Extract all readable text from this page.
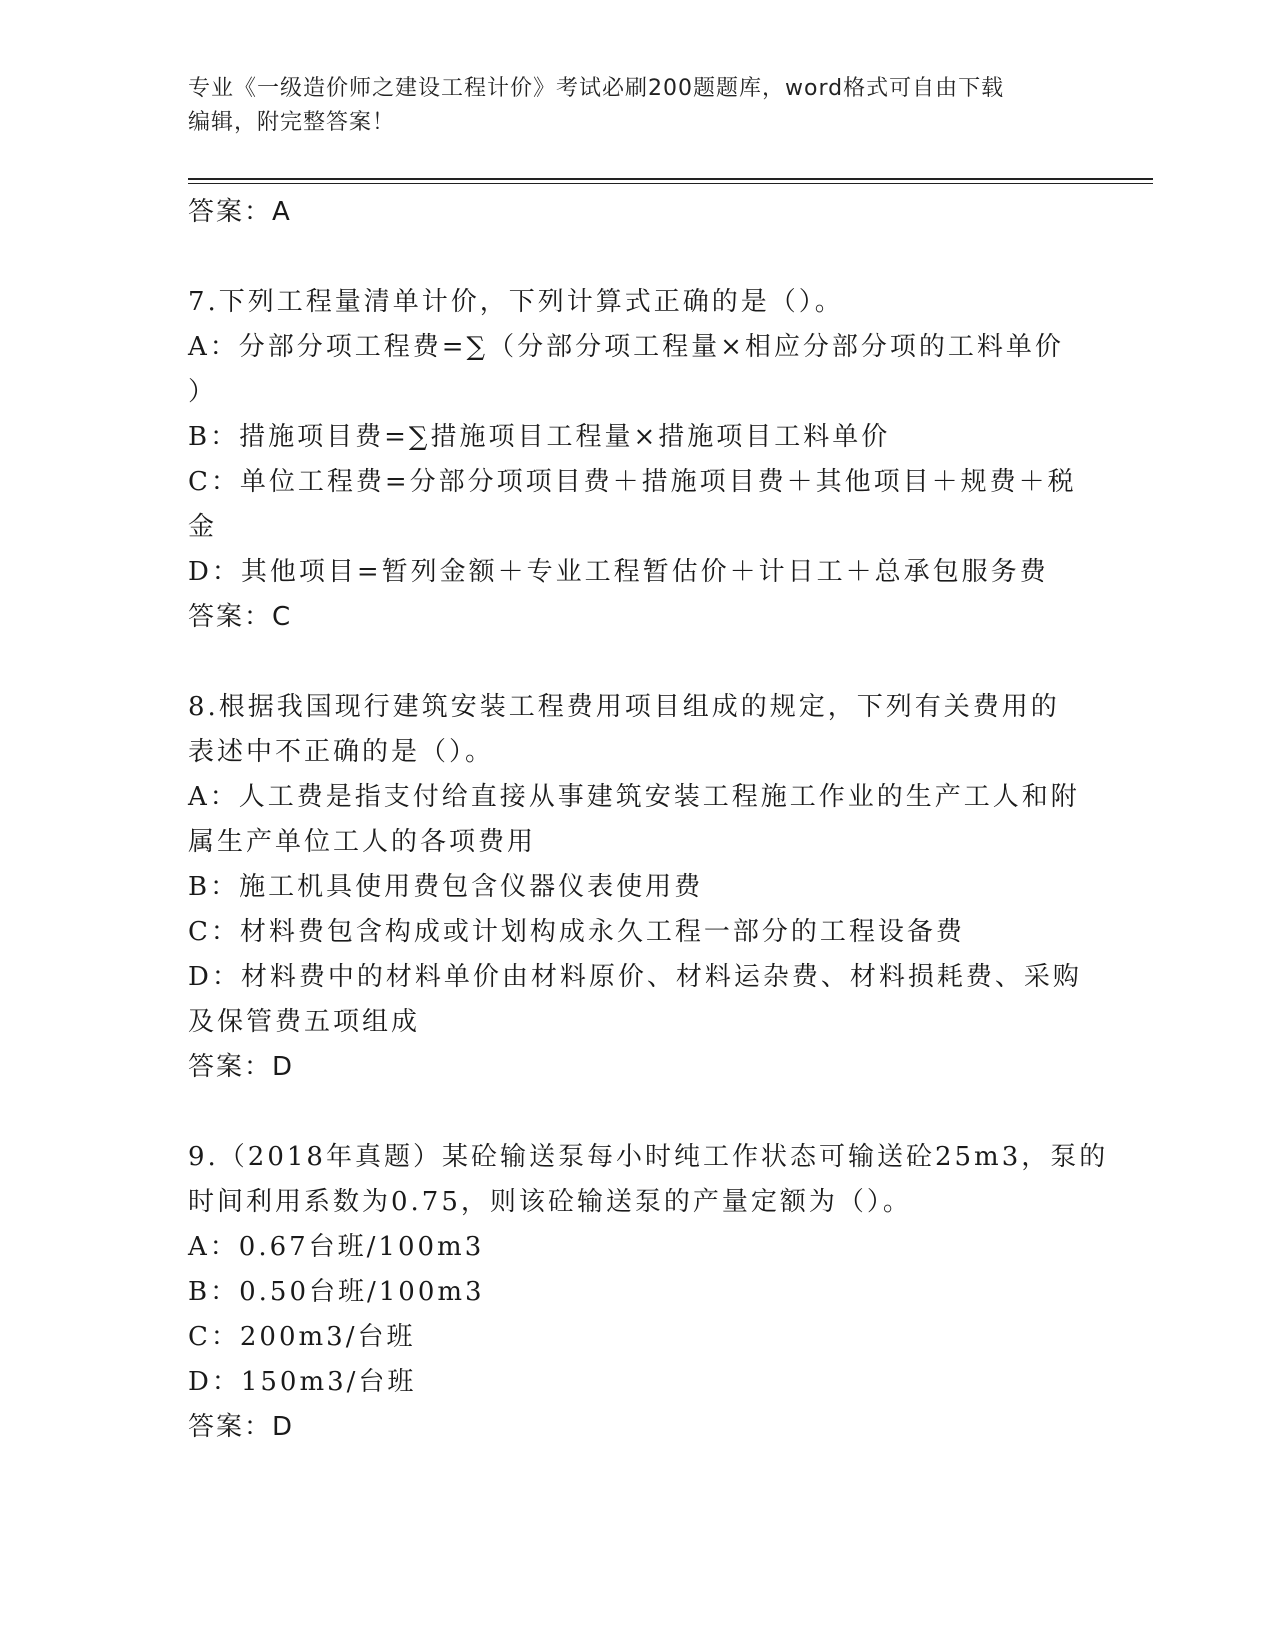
专业《一级造价师之建设工程计价》考试必刷200题题库，word格式可自由下载
编辑，附完整答案！
答案：A
7.下列工程量清单计价，下列计算式正确的是（）。
A：分部分项工程费=∑（分部分项工程量×相应分部分项的工料单价
）
B：措施项目费=∑措施项目工程量×措施项目工料单价
C：单位工程费=分部分项项目费＋措施项目费＋其他项目＋规费＋税
金
D：其他项目=暂列金额＋专业工程暂估价＋计日工＋总承包服务费
答案：C
8.根据我国现行建筑安装工程费用项目组成的规定，下列有关费用的
表述中不正确的是（）。
A：人工费是指支付给直接从事建筑安装工程施工作业的生产工人和附
属生产单位工人的各项费用
B：施工机具使用费包含仪器仪表使用费
C：材料费包含构成或计划构成永久工程一部分的工程设备费
D：材料费中的材料单价由材料原价、材料运杂费、材料损耗费、采购
及保管费五项组成
答案：D
9.（2018年真题）某砼输送泵每小时纯工作状态可输送砼25m3，泵的
时间利用系数为0.75，则该砼输送泵的产量定额为（）。
A：0.67台班/100m3
B：0.50台班/100m3
C：200m3/台班
D：150m3/台班
答案：D
